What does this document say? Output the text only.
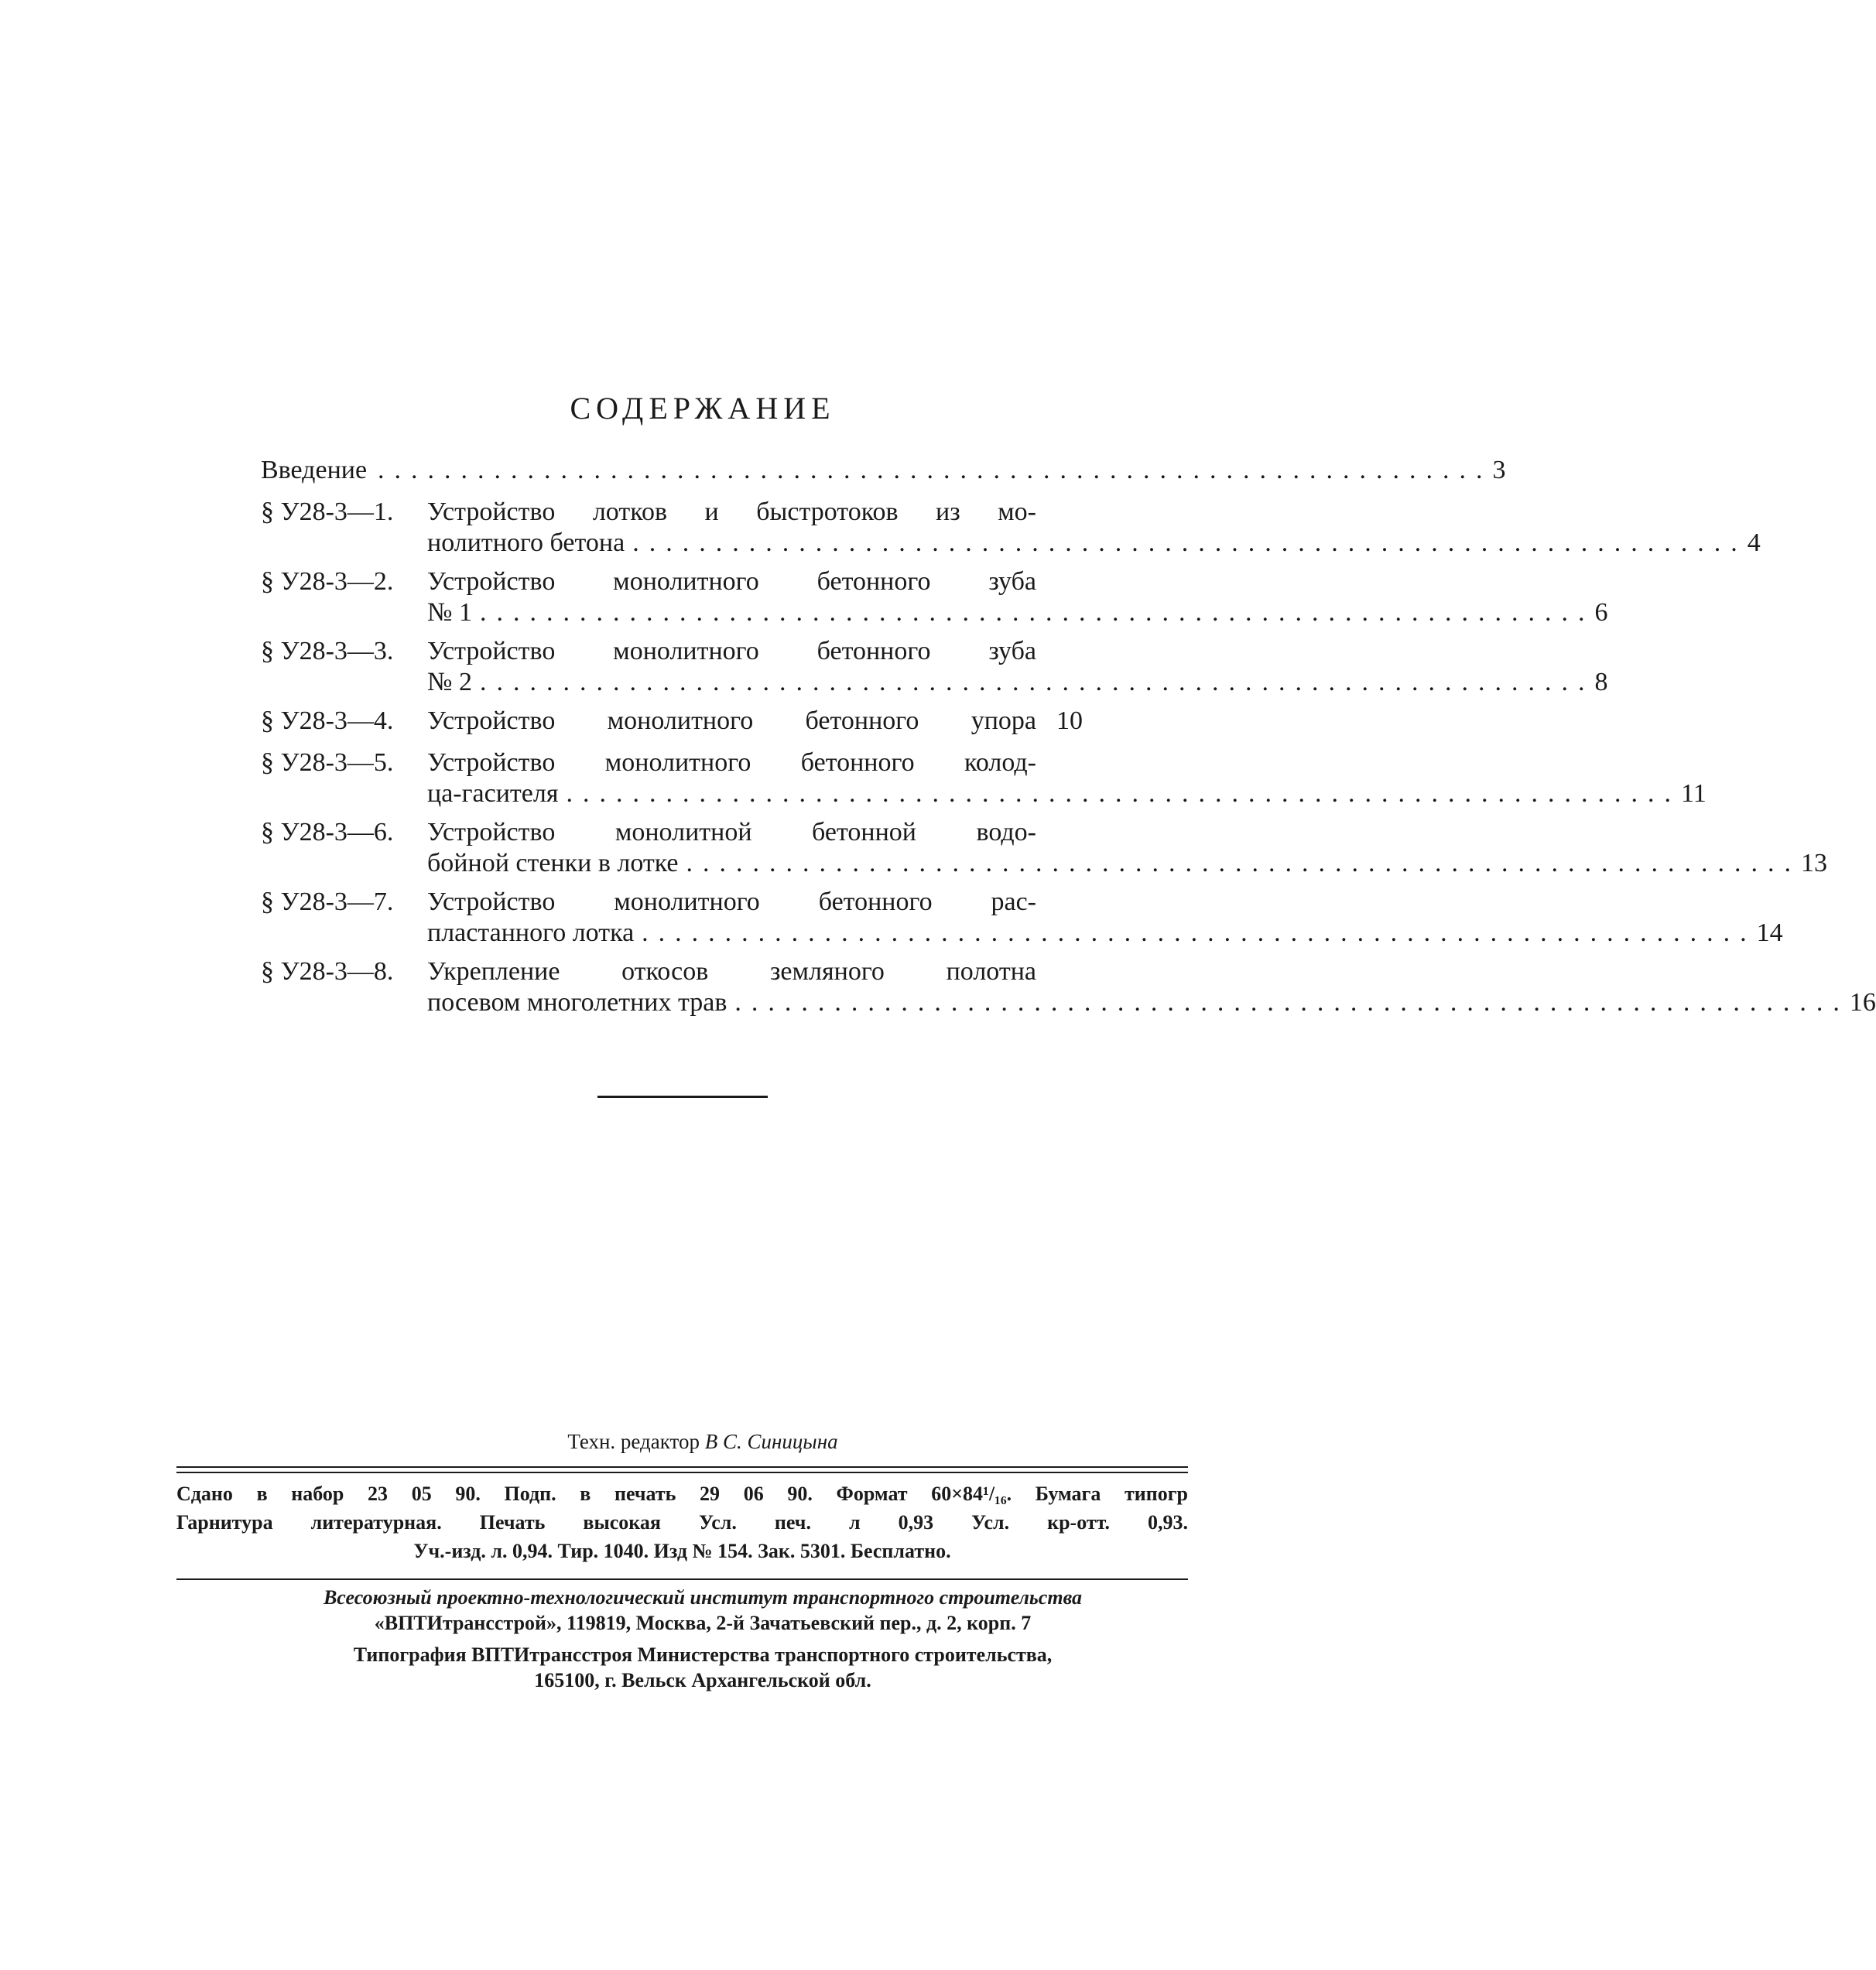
СОДЕРЖАНИЕ
Введение ................................................................... 3
§ У28-3—1.	Устройство лотков и быстротоков из мо-
нолитного бетона ................................................................... 4
§ У28-3—2.	Устройство монолитного бетонного зуба
№ 1 ................................................................... 6
§ У28-3—3.	Устройство монолитного бетонного зуба
№ 2 ................................................................... 8
§ У28-3—4.	Устройство монолитного бетонного упора 10
§ У28-3—5.	Устройство монолитного бетонного колод-
ца-гасителя ................................................................... 11
§ У28-3—6.	Устройство монолитной бетонной водо-
бойной стенки в лотке ................................................................... 13
§ У28-3—7.	Устройство монолитного бетонного рас-
пластанного лотка ................................................................... 14
§ У28-3—8.	Укрепление откосов земляного полотна
посевом многолетних трав ................................................................... 16
Техн. редактор В С. Синицына
Сдано в набор 23 05 90. Подп. в печать 29 06 90. Формат 60×84¹/₁₆. Бумага типогр
Гарнитура литературная. Печать высокая Усл. печ. л 0,93 Усл. кр-отт. 0,93.
Уч.-изд. л. 0,94. Тир. 1040. Изд № 154. Зак. 5301. Бесплатно.
Всесоюзный проектно-технологический институт транспортного строительства
«ВПТИтрансстрой», 119819, Москва, 2-й Зачатьевский пер., д. 2, корп. 7
Типография ВПТИтрансстроя Министерства транспортного строительства,
165100, г. Вельск Архангельской обл.
